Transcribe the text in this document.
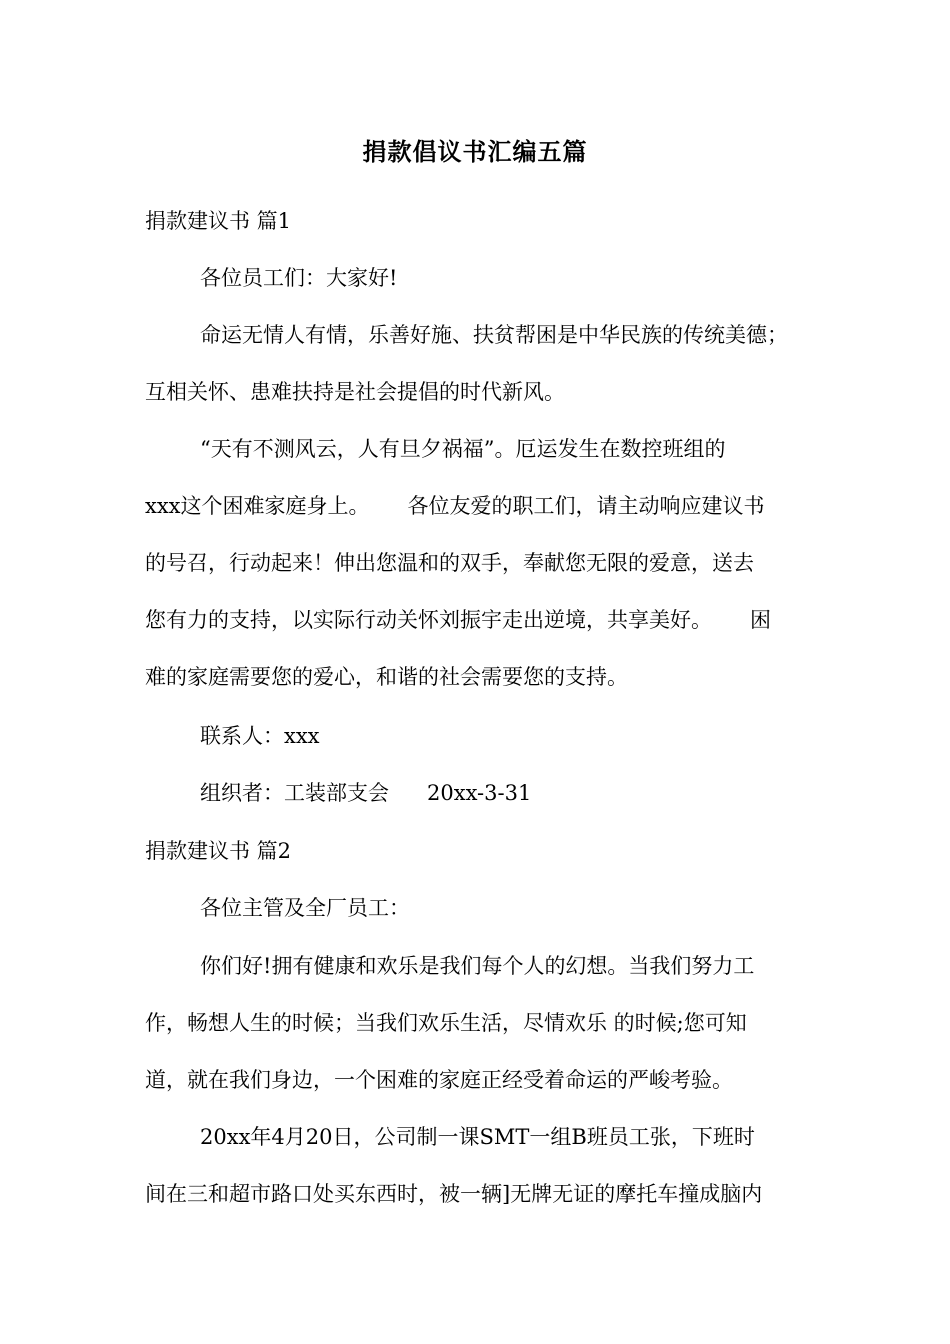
捐款倡议书汇编五篇
捐款建议书 篇1
各位员工们：大家好!
命运无情人有情，乐善好施、扶贫帮困是中华民族的传统美德；
互相关怀、患难扶持是社会提倡的时代新风。
“天有不测风云，人有旦夕祸福”。厄运发生在数控班组的
xxx这个困难家庭身上。 各位友爱的职工们，请主动响应建议书
的号召，行动起来！伸出您温和的双手，奉献您无限的爱意，送去
您有力的支持，以实际行动关怀刘振宇走出逆境，共享美好。 困
难的家庭需要您的爱心，和谐的社会需要您的支持。
联系人：xxx
组织者：工装部支会 20xx-3-31
捐款建议书 篇2
各位主管及全厂员工：
你们好!拥有健康和欢乐是我们每个人的幻想。当我们努力工
作，畅想人生的时候；当我们欢乐生活，尽情欢乐 的时候;您可知
道，就在我们身边，一个困难的家庭正经受着命运的严峻考验。
20xx年4月20日，公司制一课SMT一组B班员工张，下班时
间在三和超市路口处买东西时，被一辆]无牌无证的摩托车撞成脑内
